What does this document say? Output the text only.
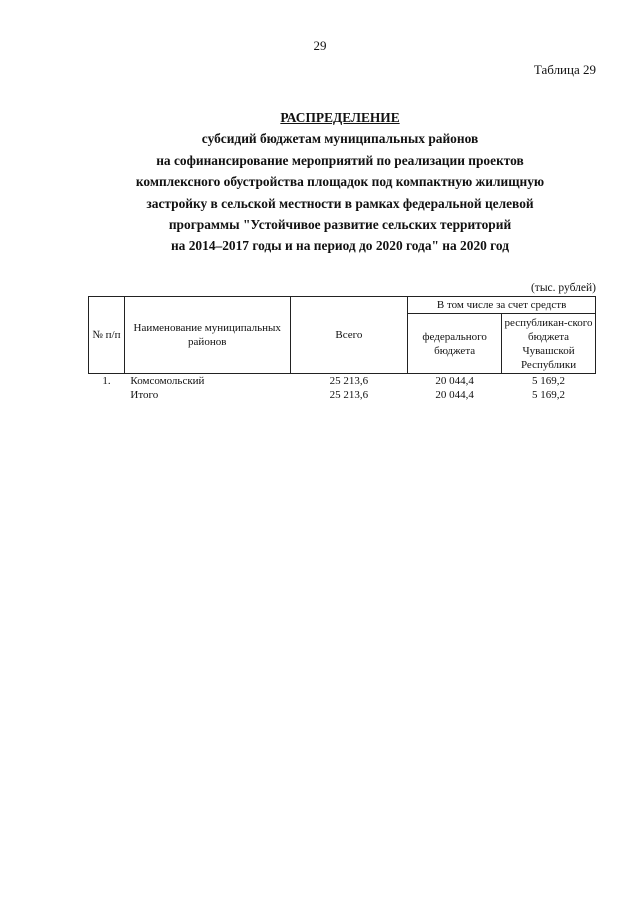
29
Таблица 29
РАСПРЕДЕЛЕНИЕ
субсидий бюджетам муниципальных районов
на софинансирование мероприятий по реализации проектов
комплексного обустройства площадок под компактную жилищную
застройку в сельской местности в рамках федеральной целевой
программы "Устойчивое развитие сельских территорий
на 2014–2017 годы и на период до 2020 года" на 2020 год
(тыс. рублей)
№ п/п	Наименование муниципальных районов	Всего	В том числе за счет средств	
			федерального бюджета	республикан-ского бюджета Чувашской Республики
1.	Комсомольский	25 213,6	20 044,4	5 169,2
	Итого	25 213,6	20 044,4	5 169,2
